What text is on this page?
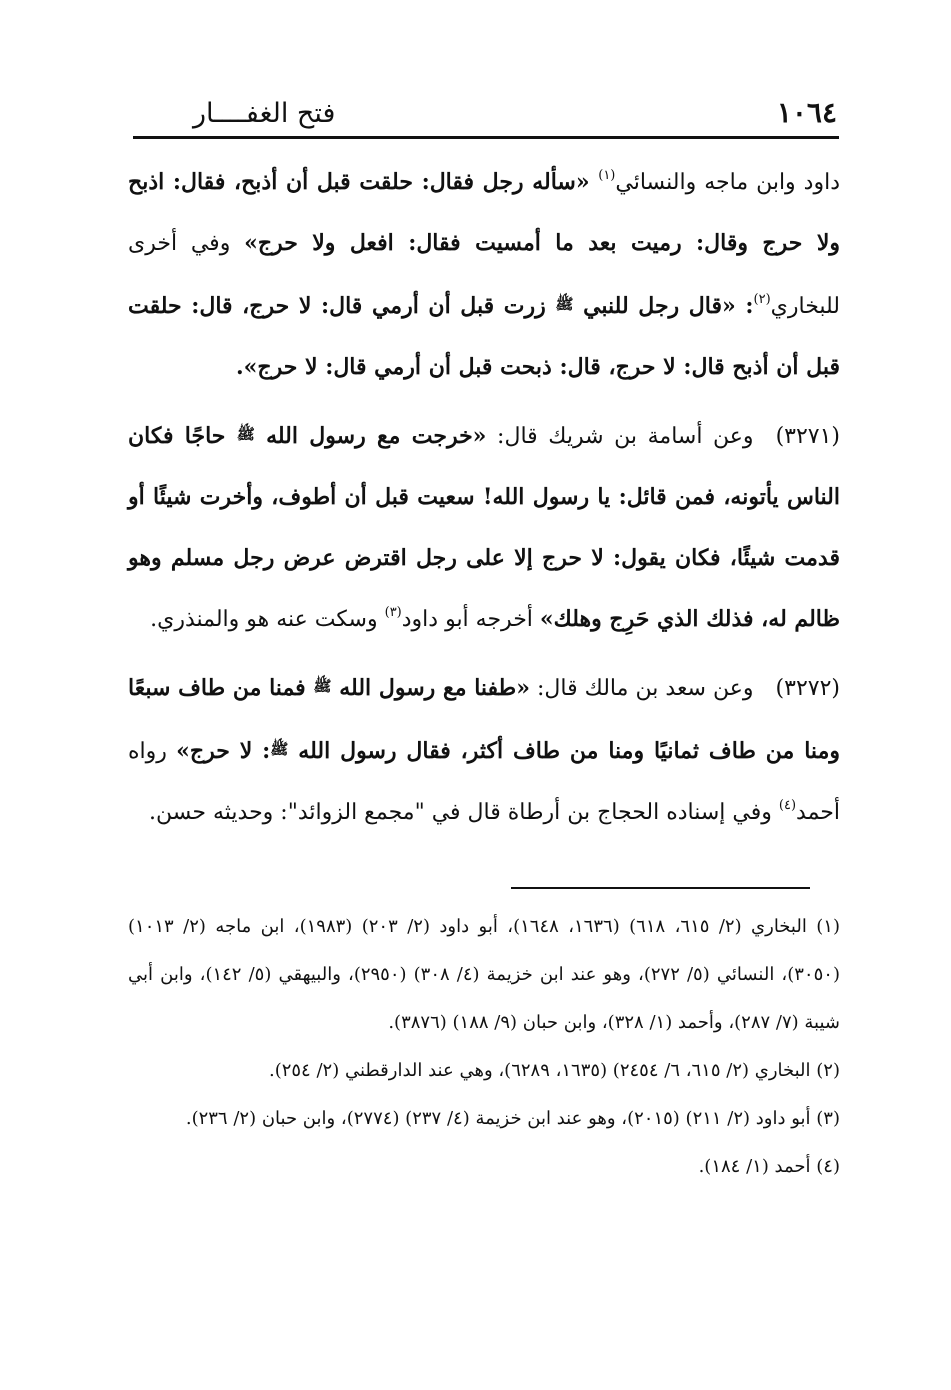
١٠٦٤
فتح الغفــــار

داود وابن ماجه والنسائي$^{(١)}$ «سأله رجل فقال: حلقت قبل أن أذبح، فقال: اذبح ولا حرج وقال: رميت بعد ما أمسيت فقال: افعل ولا حرج» وفي أخرى للبخاري$^{(٢)}$: «قال رجل للنبي ﷺ زرت قبل أن أرمي قال: لا حرج، قال: حلقت قبل أن أذبح قال: لا حرج، قال: ذبحت قبل أن أرمي قال: لا حرج».

(٣٢٧١)وعن أسامة بن شريك قال: «خرجت مع رسول الله ﷺ حاجًا فكان الناس يأتونه، فمن قائل: يا رسول الله! سعيت قبل أن أطوف، وأخرت شيئًا أو قدمت شيئًا، فكان يقول: لا حرج إلا على رجل اقترض عرض رجل مسلم وهو ظالم له، فذلك الذي حَرِج وهلك» أخرجه أبو داود$^{(٣)}$ وسكت عنه هو والمنذري.

(٣٢٧٢)وعن سعد بن مالك قال: «طفنا مع رسول الله ﷺ فمنا من طاف سبعًا ومنا من طاف ثمانيًا ومنا من طاف أكثر، فقال رسول الله ﷺ: لا حرج» رواه أحمد$^{(٤)}$ وفي إسناده الحجاج بن أرطاة قال في "مجمع الزوائد": وحديثه حسن.

(١) البخاري (٢/ ٦١٥، ٦١٨) (١٦٣٦، ١٦٤٨)، أبو داود (٢/ ٢٠٣) (١٩٨٣)، ابن ماجه (٢/ ١٠١٣) (٣٠٥٠)، النسائي (٥/ ٢٧٢)، وهو عند ابن خزيمة (٤/ ٣٠٨) (٢٩٥٠)، والبيهقي (٥/ ١٤٢)، وابن أبي شيبة (٧/ ٢٨٧)، وأحمد (١/ ٣٢٨)، وابن حبان (٩/ ١٨٨) (٣٨٧٦).

(٢) البخاري (٢/ ٦١٥، ٦/ ٢٤٥٤) (١٦٣٥، ٦٢٨٩)، وهي عند الدارقطني (٢/ ٢٥٤).

(٣) أبو داود (٢/ ٢١١) (٢٠١٥)، وهو عند ابن خزيمة (٤/ ٢٣٧) (٢٧٧٤)، وابن حبان (٢/ ٢٣٦).

(٤) أحمد (١/ ١٨٤).
